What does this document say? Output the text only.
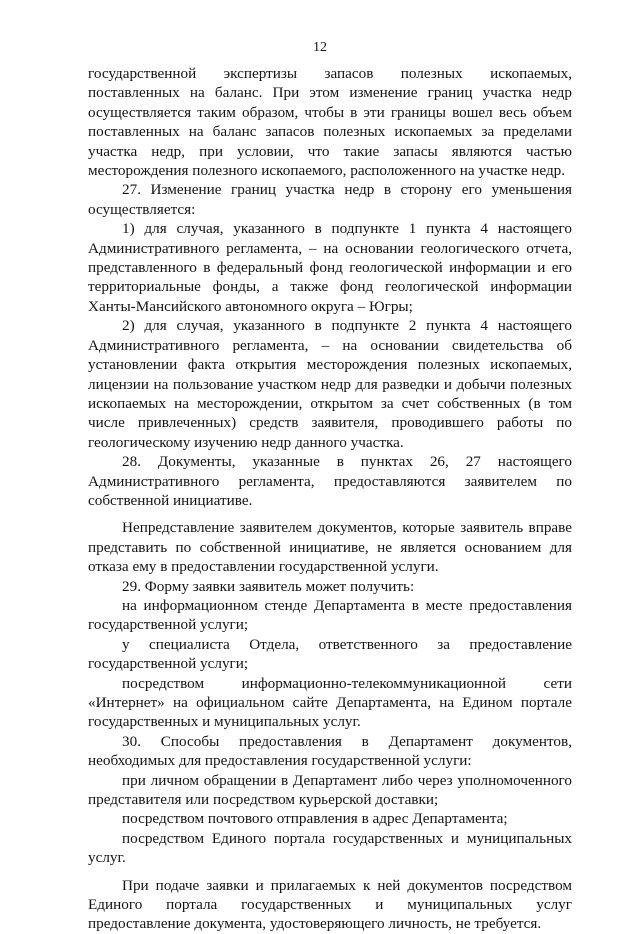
12

государственной экспертизы запасов полезных ископаемых, поставленных на баланс. При этом изменение границ участка недр осуществляется таким образом, чтобы в эти границы вошел весь объем поставленных на баланс запасов полезных ископаемых за пределами участка недр, при условии, что такие запасы являются частью месторождения полезного ископаемого, расположенного на участке недр.

27. Изменение границ участка недр в сторону его уменьшения осуществляется:

1) для случая, указанного в подпункте 1 пункта 4 настоящего Административного регламента, – на основании геологического отчета, представленного в федеральный фонд геологической информации и его территориальные фонды, а также фонд геологической информации Ханты-Мансийского автономного округа – Югры;

2) для случая, указанного в подпункте 2 пункта 4 настоящего Административного регламента, – на основании свидетельства об установлении факта открытия месторождения полезных ископаемых, лицензии на пользование участком недр для разведки и добычи полезных ископаемых на месторождении, открытом за счет собственных (в том числе привлеченных) средств заявителя, проводившего работы по геологическому изучению недр данного участка.

28. Документы, указанные в пунктах 26, 27 настоящего Административного регламента, предоставляются заявителем по собственной инициативе.

Непредставление заявителем документов, которые заявитель вправе представить по собственной инициативе, не является основанием для отказа ему в предоставлении государственной услуги.

29. Форму заявки заявитель может получить:

на информационном стенде Департамента в месте предоставления государственной услуги;

у специалиста Отдела, ответственного за предоставление государственной услуги;

посредством информационно-телекоммуникационной сети «Интернет» на официальном сайте Департамента, на Едином портале государственных и муниципальных услуг.

30. Способы предоставления в Департамент документов, необходимых для предоставления государственной услуги:

при личном обращении в Департамент либо через уполномоченного представителя или посредством курьерской доставки;

посредством почтового отправления в адрес Департамента;

посредством Единого портала государственных и муниципальных услуг.

При подаче заявки и прилагаемых к ней документов посредством Единого портала государственных и муниципальных услуг предоставление документа, удостоверяющего личность, не требуется.
